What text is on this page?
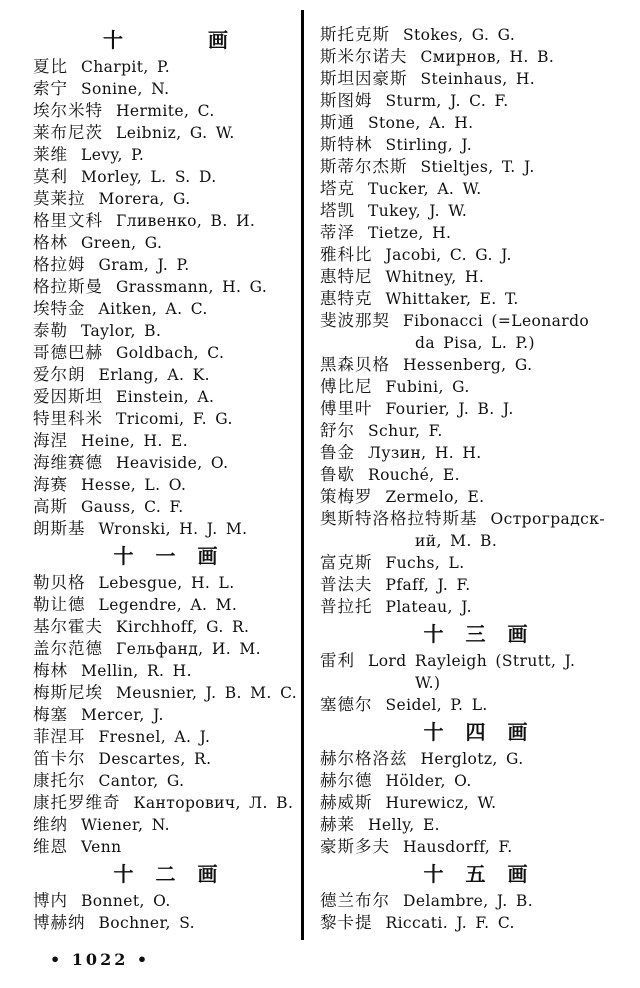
十　　　　画
夏比 Charpit, P.
索宁 Sonine, N.
埃尔米特 Hermite, C.
莱布尼茨 Leibniz, G. W.
莱维 Levy, P.
莫利 Morley, L. S. D.
莫莱拉 Morera, G.
格里文科 Гливенко, В. И.
格林 Green, G.
格拉姆 Gram, J. P.
格拉斯曼 Grassmann, H. G.
埃特金 Aitken, A. C.
泰勒 Taylor, B.
哥德巴赫 Goldbach, C.
爱尔朗 Erlang, A. K.
爱因斯坦 Einstein, A.
特里科米 Tricomi, F. G.
海涅 Heine, H. E.
海维赛德 Heaviside, O.
海赛 Hesse, L. O.
高斯 Gauss, C. F.
朗斯基 Wronski, H. J. M.
十　一　画
勒贝格 Lebesgue, H. L.
勒让德 Legendre, A. M.
基尔霍夫 Kirchhoff, G. R.
盖尔范德 Гельфанд, И. М.
梅林 Mellin, R. H.
梅斯尼埃 Meusnier, J. B. M. C.
梅塞 Mercer, J.
菲涅耳 Fresnel, A. J.
笛卡尔 Descartes, R.
康托尔 Cantor, G.
康托罗维奇 Канторович, Л. В.
维纳 Wiener, N.
维恩 Venn
十　二　画
博内 Bonnet, O.
博赫纳 Bochner, S.
斯托克斯 Stokes, G. G.
斯米尔诺夫 Смирнов, Н. В.
斯坦因豪斯 Steinhaus, H.
斯图姆 Sturm, J. C. F.
斯通 Stone, A. H.
斯特林 Stirling, J.
斯蒂尔杰斯 Stieltjes, T. J.
塔克 Tucker, A. W.
塔凯 Tukey, J. W.
蒂泽 Tietze, H.
雅科比 Jacobi, C. G. J.
惠特尼 Whitney, H.
惠特克 Whittaker, E. T.
斐波那契 Fibonacci (=Leonardo
da Pisa, L. P.)
黑森贝格 Hessenberg, G.
傅比尼 Fubini, G.
傅里叶 Fourier, J. B. J.
舒尔 Schur, F.
鲁金 Лузин, Н. Н.
鲁歇 Rouché, E.
策梅罗 Zermelo, E.
奥斯特洛格拉特斯基 Остроградск-
ий, М. В.
富克斯 Fuchs, L.
普法夫 Pfaff, J. F.
普拉托 Plateau, J.
十　三　画
雷利 Lord Rayleigh (Strutt, J.
W.)
塞德尔 Seidel, P. L.
十　四　画
赫尔格洛兹 Herglotz, G.
赫尔德 Hölder, O.
赫威斯 Hurewicz, W.
赫莱 Helly, E.
豪斯多夫 Hausdorff, F.
十　五　画
德兰布尔 Delambre, J. B.
黎卡提 Riccati. J. F. C.
• 1022 •
